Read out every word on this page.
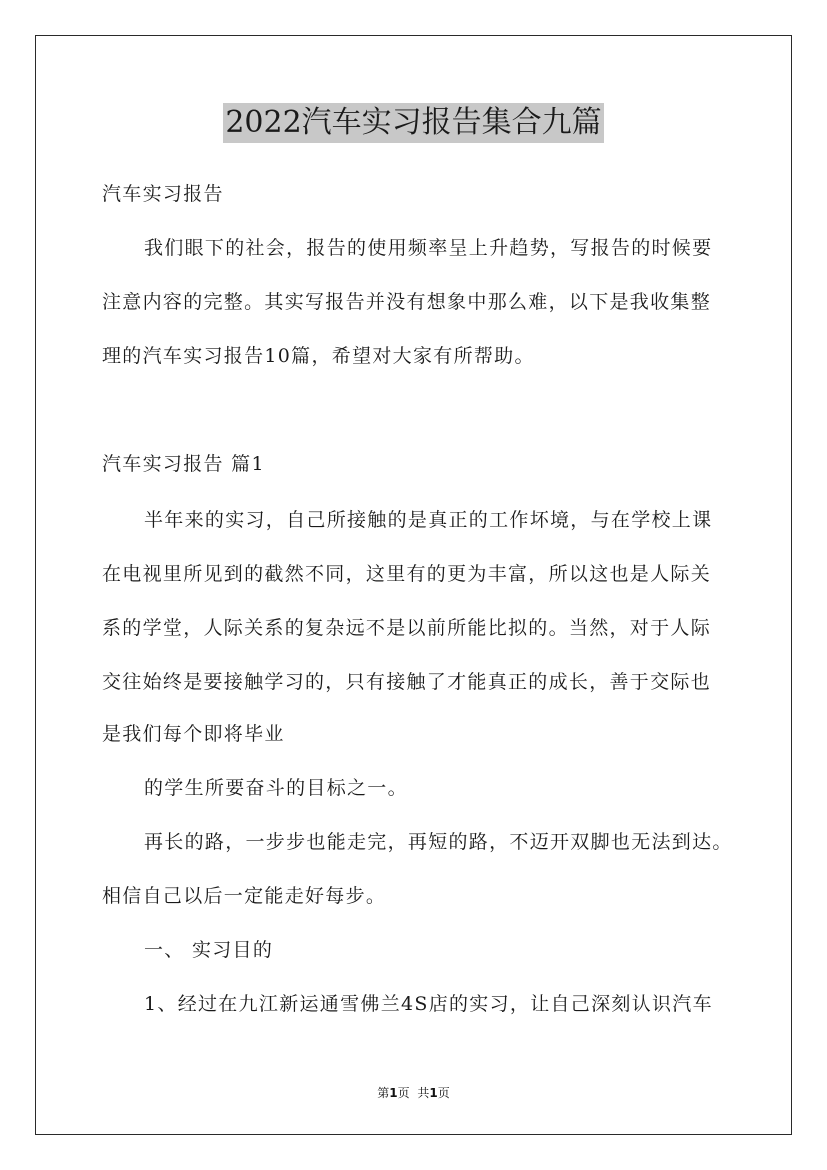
2022汽车实习报告集合九篇
汽车实习报告
我们眼下的社会，报告的使用频率呈上升趋势，写报告的时候要
注意内容的完整。其实写报告并没有想象中那么难，以下是我收集整
理的汽车实习报告10篇，希望对大家有所帮助。
汽车实习报告 篇1
半年来的实习，自己所接触的是真正的工作坏境，与在学校上课
在电视里所见到的截然不同，这里有的更为丰富，所以这也是人际关
系的学堂，人际关系的复杂远不是以前所能比拟的。当然，对于人际
交往始终是要接触学习的，只有接触了才能真正的成长，善于交际也
是我们每个即将毕业
的学生所要奋斗的目标之一。
再长的路，一步步也能走完，再短的路，不迈开双脚也无法到达。
相信自己以后一定能走好每步。
一、 实习目的
1、经过在九江新运通雪佛兰4S店的实习，让自己深刻认识汽车
第1页 共1页
